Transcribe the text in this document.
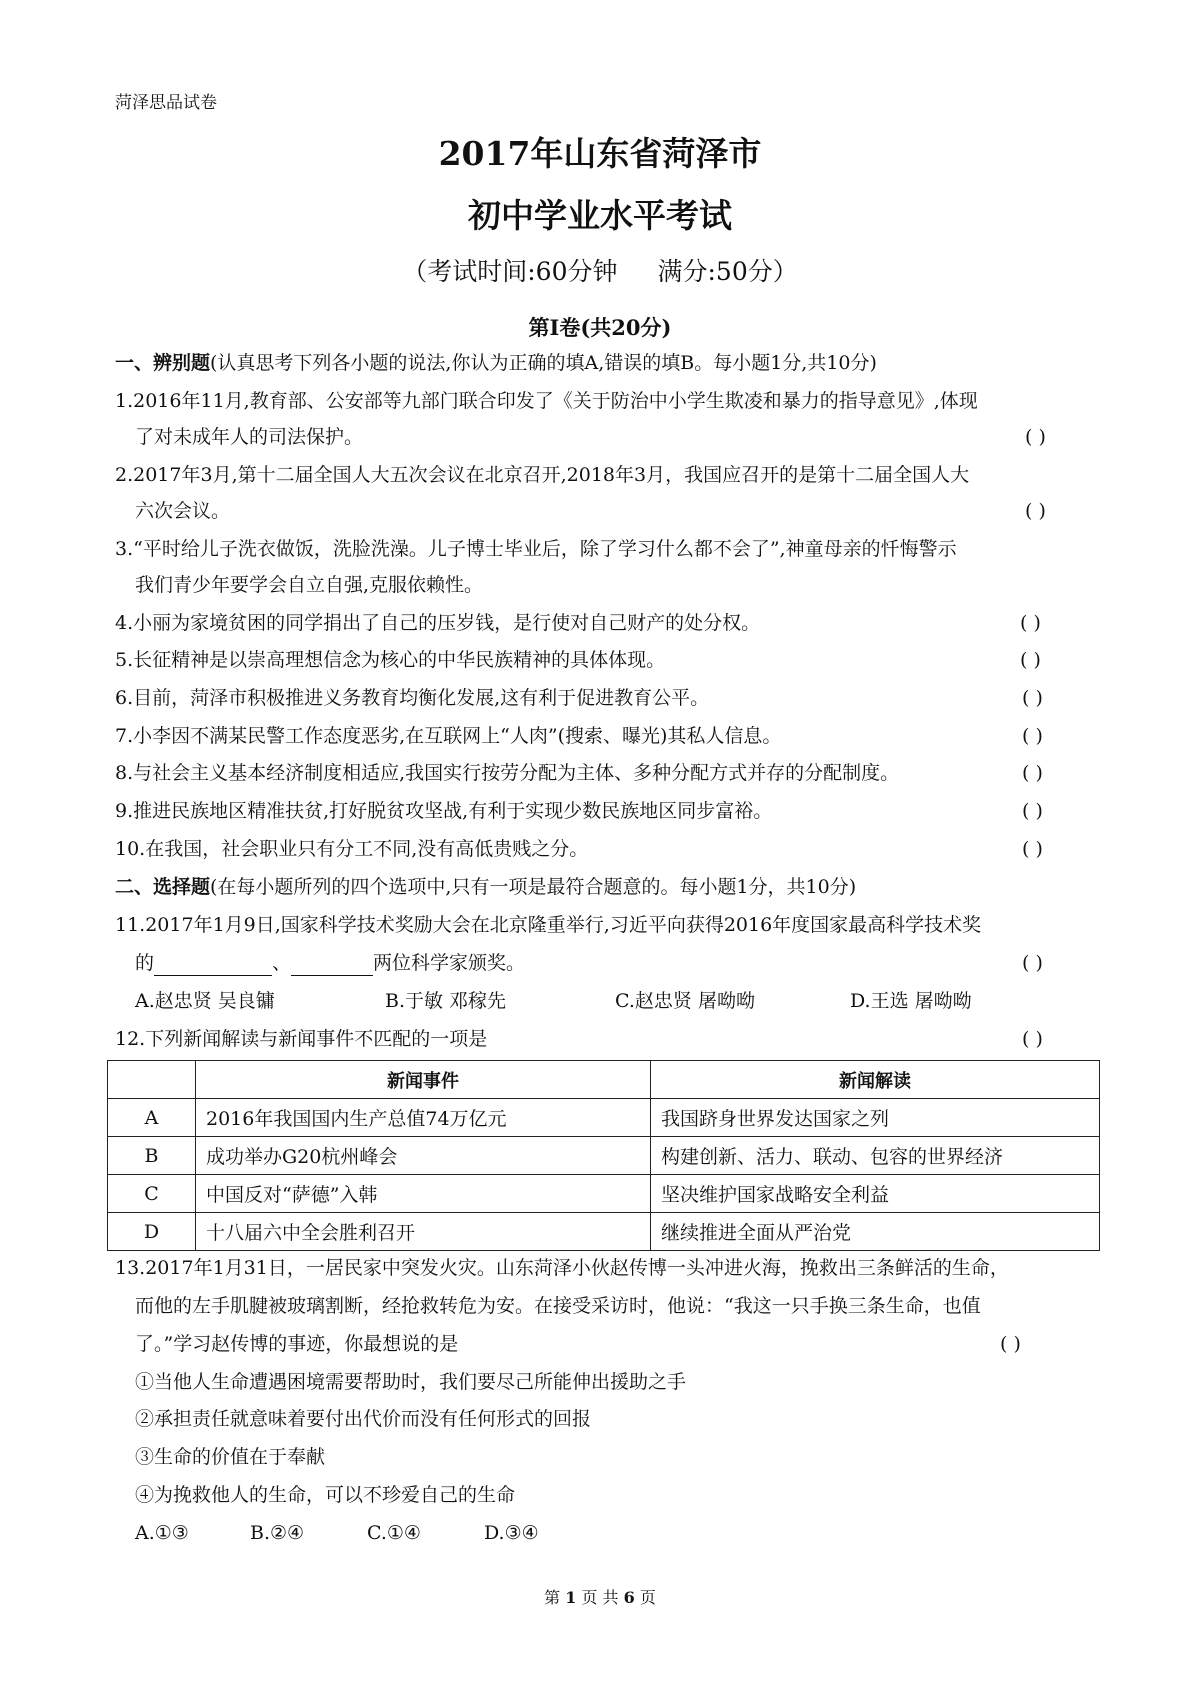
菏泽思品试卷
2017年山东省菏泽市
初中学业水平考试
（考试时间:60分钟 满分:50分）
第Ⅰ卷(共20分)
一、辨别题(认真思考下列各小题的说法,你认为正确的填A,错误的填B。每小题1分,共10分)
1.2016年11月,教育部、公安部等九部门联合印发了《关于防治中小学生欺凌和暴力的指导意见》,体现
了对未成年人的司法保护。	( )
2.2017年3月,第十二届全国人大五次会议在北京召开,2018年3月，我国应召开的是第十二届全国人大
六次会议。	( )
3.“平时给儿子洗衣做饭，洗脸洗澡。儿子博士毕业后，除了学习什么都不会了”,神童母亲的忏悔警示
我们青少年要学会自立自强,克服依赖性。
4.小丽为家境贫困的同学捐出了自己的压岁钱，是行使对自己财产的处分权。	( )
5.长征精神是以崇高理想信念为核心的中华民族精神的具体体现。	( )
6.目前，菏泽市积极推进义务教育均衡化发展,这有利于促进教育公平。	( )
7.小李因不满某民警工作态度恶劣,在互联网上“人肉”(搜索、曝光)其私人信息。	( )
8.与社会主义基本经济制度相适应,我国实行按劳分配为主体、多种分配方式并存的分配制度。	( )
9.推进民族地区精准扶贫,打好脱贫攻坚战,有利于实现少数民族地区同步富裕。	( )
10.在我国，社会职业只有分工不同,没有高低贵贱之分。	( )
二、选择题(在每小题所列的四个选项中,只有一项是最符合题意的。每小题1分，共10分)
11.2017年1月9日,国家科学技术奖励大会在北京隆重举行,习近平向获得2016年度国家最高科学技术奖
的	、	两位科学家颁奖。	( )
A.赵忠贤 吴良镛	B.于敏 邓稼先	C.赵忠贤 屠呦呦	D.王选 屠呦呦
12.下列新闻解读与新闻事件不匹配的一项是	( )
	新闻事件	新闻解读
A	2016年我国国内生产总值74万亿元	我国跻身世界发达国家之列
B	成功举办G20杭州峰会	构建创新、活力、联动、包容的世界经济
C	中国反对“萨德”入韩	坚决维护国家战略安全利益
D	十八届六中全会胜利召开	继续推进全面从严治党
13.2017年1月31日，一居民家中突发火灾。山东菏泽小伙赵传博一头冲进火海，挽救出三条鲜活的生命，
而他的左手肌腱被玻璃割断，经抢救转危为安。在接受采访时，他说：“我这一只手换三条生命，也值
了。”学习赵传博的事迹，你最想说的是	( )
①当他人生命遭遇困境需要帮助时，我们要尽己所能伸出援助之手
②承担责任就意味着要付出代价而没有任何形式的回报
③生命的价值在于奉献
④为挽救他人的生命，可以不珍爱自己的生命
A.①③	B.②④	C.①④	D.③④
第 1 页 共 6 页
